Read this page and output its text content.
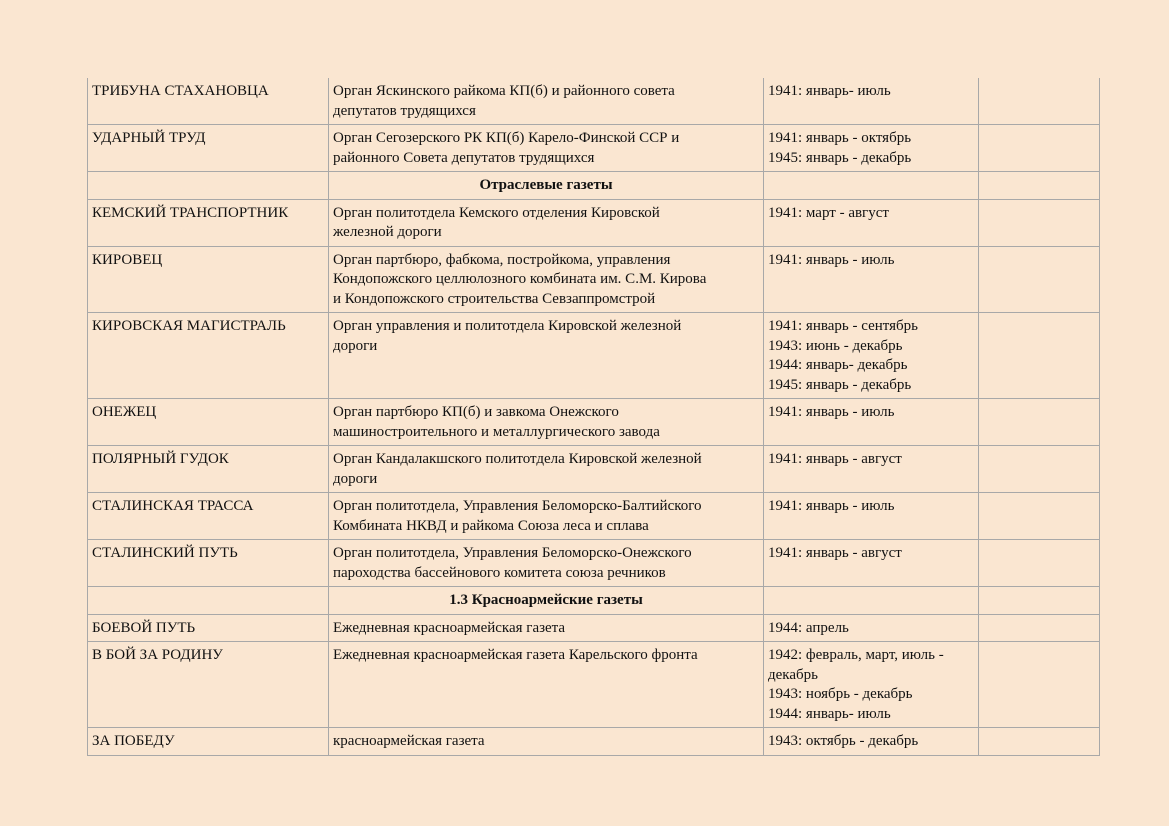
ТРИБУНА СТАХАНОВЦА	Орган Яскинского райкома КП(б) и районного совета
депутатов трудящихся	1941: январь- июль	

УДАРНЫЙ ТРУД	Орган Сегозерского РК КП(б) Карело-Финской ССР и
районного Совета депутатов трудящихся	1941: январь - октябрь
1945: январь - декабрь	

	Отраслевые газеты		

КЕМСКИЙ ТРАНСПОРТНИК	Орган политотдела Кемского отделения Кировской
железной дороги	1941: март - август	

КИРОВЕЦ	Орган партбюро, фабкома, постройкома, управления
Кондопожского целлюлозного комбината им. С.М. Кирова
и Кондопожского строительства Севзаппромстрой	1941: январь - июль	

КИРОВСКАЯ МАГИСТРАЛЬ	Орган управления и политотдела Кировской железной
дороги	1941: январь - сентябрь
1943: июнь - декабрь
1944: январь- декабрь
1945: январь - декабрь	

ОНЕЖЕЦ	Орган партбюро КП(б) и завкома Онежского
машиностроительного и металлургического завода	1941: январь - июль	

ПОЛЯРНЫЙ ГУДОК	Орган Кандалакшского политотдела Кировской железной
дороги	1941: январь - август	

СТАЛИНСКАЯ ТРАССА	Орган политотдела, Управления Беломорско-Балтийского
Комбината НКВД и райкома Союза леса и сплава	1941: январь - июль	

СТАЛИНСКИЙ ПУТЬ	Орган политотдела, Управления Беломорско-Онежского
пароходства бассейнового комитета союза речников	1941: январь - август	

	1.3 Красноармейские газеты		

БОЕВОЙ ПУТЬ	Ежедневная красноармейская газета	1944: апрель	

В БОЙ ЗА РОДИНУ	Ежедневная красноармейская газета Карельского фронта	1942: февраль, март, июль -
декабрь
1943: ноябрь - декабрь
1944: январь- июль	

ЗА ПОБЕДУ	красноармейская газета	1943: октябрь - декабрь	
